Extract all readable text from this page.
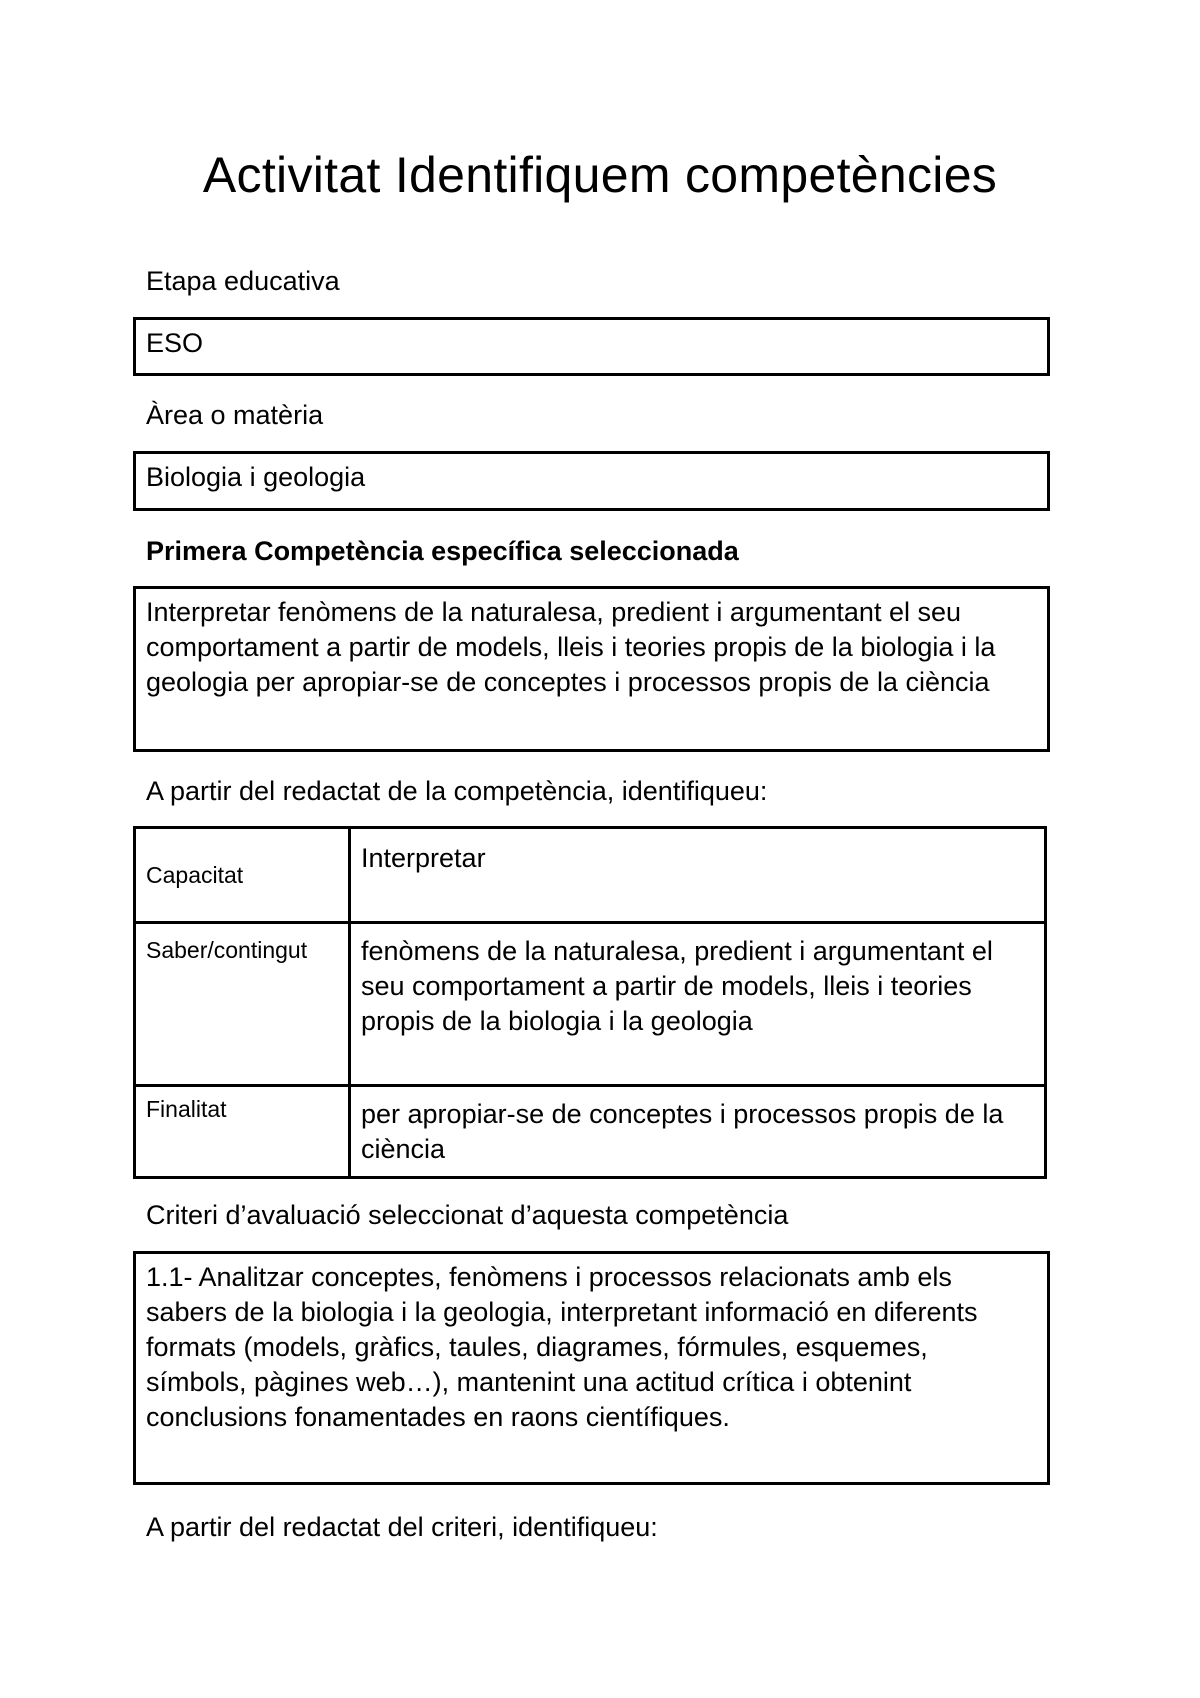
Activitat Identifiquem competències
Etapa educativa
ESO
Àrea o matèria
Biologia i geologia
Primera Competència específica seleccionada
Interpretar fenòmens de la naturalesa, predient i argumentant el seu comportament a partir de models, lleis i teories propis de la biologia i la geologia per apropiar-se de conceptes i processos propis de la ciència
A partir del redactat de la competència, identifiqueu:
Capacitat	Interpretar
Saber/contingut	fenòmens de la naturalesa, predient i argumentant el seu comportament a partir de models, lleis i teories propis de la biologia i la geologia
Finalitat	per apropiar-se de conceptes i processos propis de la ciència
Criteri d’avaluació seleccionat d’aquesta competència
1.1- Analitzar conceptes, fenòmens i processos relacionats amb els sabers de la biologia i la geologia, interpretant informació en diferents formats (models, gràfics, taules, diagrames, fórmules, esquemes, símbols, pàgines web…), mantenint una actitud crítica i obtenint conclusions fonamentades en raons científiques.
A partir del redactat del criteri, identifiqueu:
